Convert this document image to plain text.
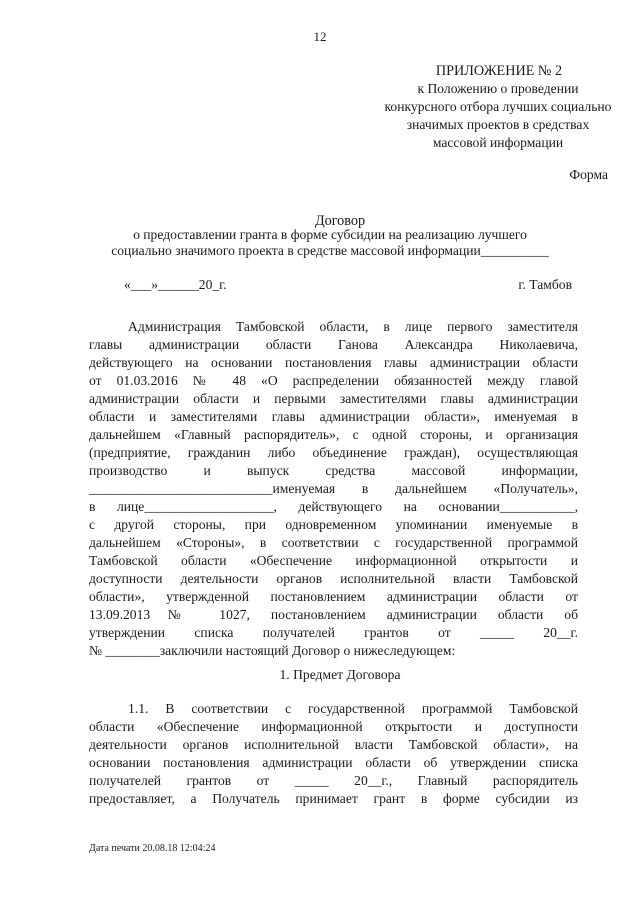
12
ПРИЛОЖЕНИЕ № 2
к Положению о проведении
конкурсного отбора лучших социально
значимых проектов в средствах
массовой информации
Форма
Договор
о предоставлении гранта в форме субсидии на реализацию лучшего
социально значимого проекта в средстве массовой информации__________
«___»______20_г.	г. Тамбов
Администрация Тамбовской области, в лице первого заместителя
главы администрации области Ганова Александра Николаевича,
действующего на основании постановления главы администрации области
от 01.03.2016 № 48 «О распределении обязанностей между главой
администрации области и первыми заместителями главы администрации
области и заместителями главы администрации области», именуемая в
дальнейшем «Главный распорядитель», с одной стороны, и организация
(предприятие, гражданин либо объединение граждан), осуществляющая
производство и выпуск средства массовой информации,
___________________________именуемая в дальнейшем «Получатель»,
в лице___________________, действующего на основании___________,
с другой стороны, при одновременном упоминании именуемые в
дальнейшем «Стороны», в соответствии с государственной программой
Тамбовской области «Обеспечение информационной открытости и
доступности деятельности органов исполнительной власти Тамбовской
области», утвержденной постановлением администрации области от
13.09.2013№ 1027, постановлением администрации области об
утверждении списка получателей грантов от _____ 20__г.
№ ________заключили настоящий Договор о нижеследующем:
1. Предмет Договора
1.1. В соответствии с государственной программой Тамбовской
области «Обеспечение информационной открытости и доступности
деятельности органов исполнительной власти Тамбовской области», на
основании постановления администрации области об утверждении списка
получателей грантов от _____ 20__г., Главный распорядитель
предоставляет, а Получатель принимает грант в форме субсидии из
Дата печати 20.08.18 12:04:24
